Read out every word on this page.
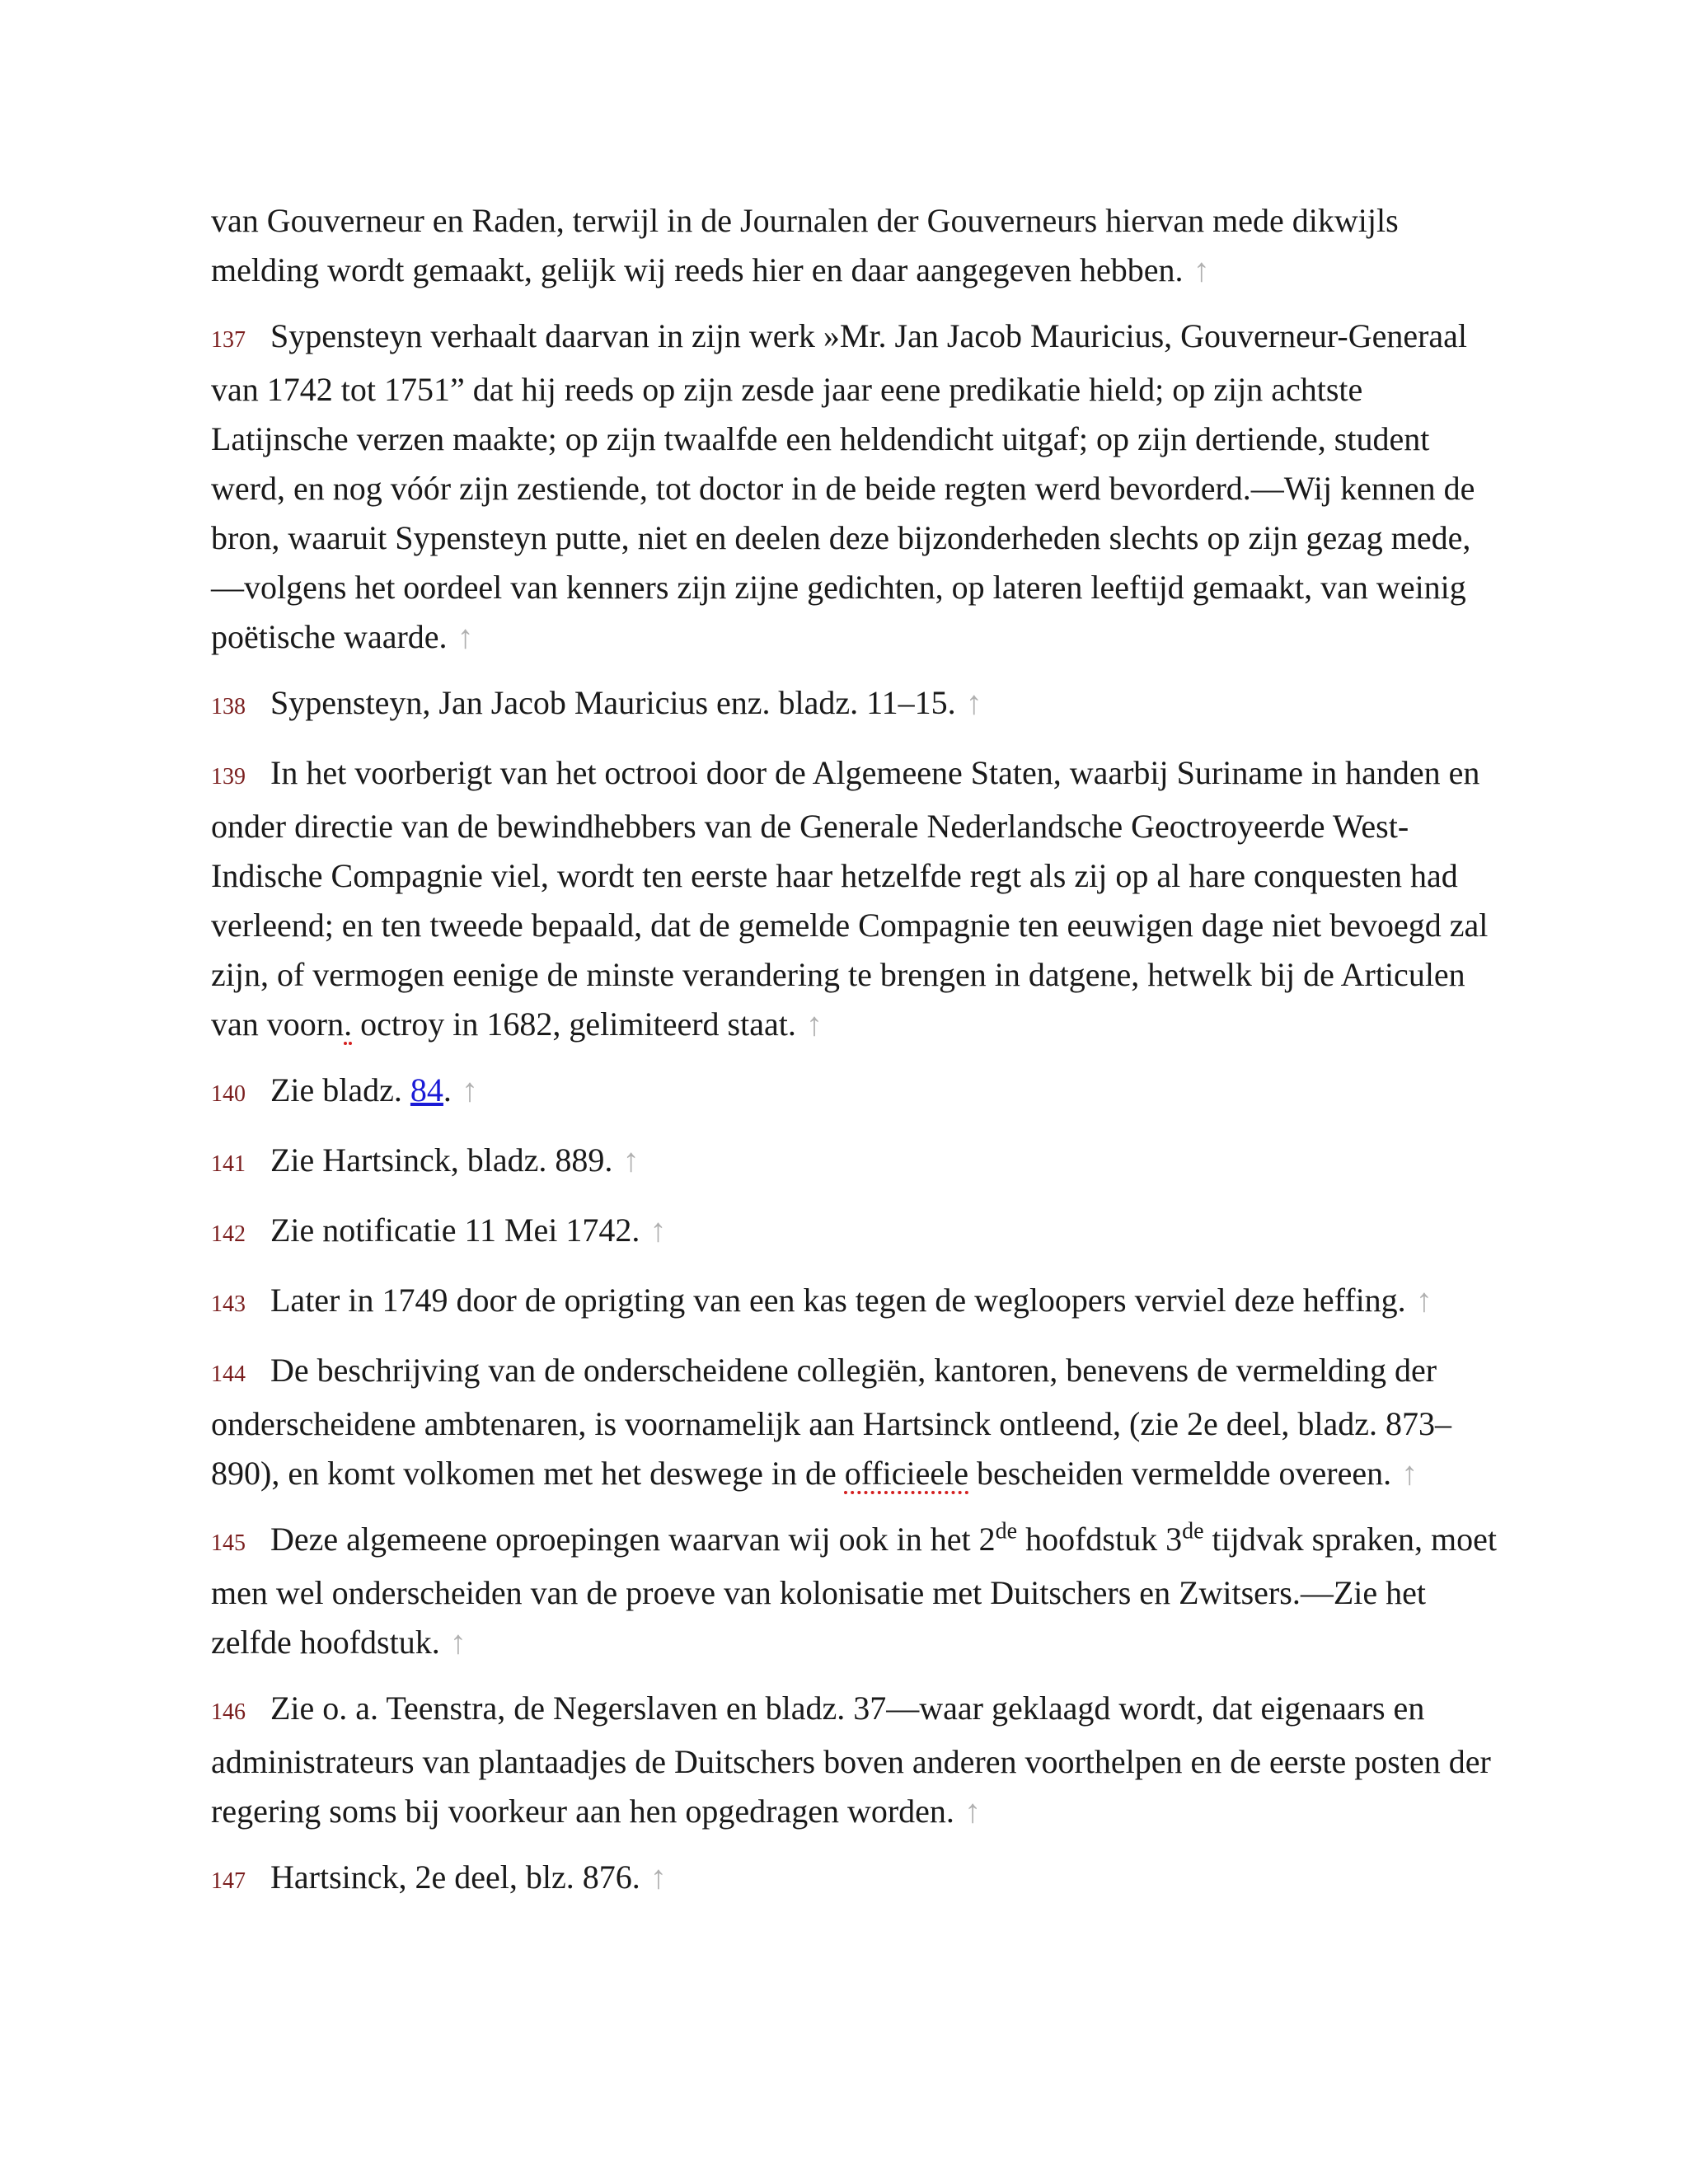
van Gouverneur en Raden, terwijl in de Journalen der Gouverneurs hiervan mede dikwijls melding wordt gemaakt, gelijk wij reeds hier en daar aangegeven hebben. ↑

137 Sypensteyn verhaalt daarvan in zijn werk »Mr. Jan Jacob Mauricius, Gouverneur-Generaal van 1742 tot 1751” dat hij reeds op zijn zesde jaar eene predikatie hield; op zijn achtste Latijnsche verzen maakte; op zijn twaalfde een heldendicht uitgaf; op zijn dertiende, student werd, en nog vóór zijn zestiende, tot doctor in de beide regten werd bevorderd.—Wij kennen de bron, waaruit Sypensteyn putte, niet en deelen deze bijzonderheden slechts op zijn gezag mede,—volgens het oordeel van kenners zijn zijne gedichten, op lateren leeftijd gemaakt, van weinig poëtische waarde. ↑

138 Sypensteyn, Jan Jacob Mauricius enz. bladz. 11–15. ↑

139 In het voorberigt van het octrooi door de Algemeene Staten, waarbij Suriname in handen en onder directie van de bewindhebbers van de Generale Nederlandsche Geoctroyeerde West-Indische Compagnie viel, wordt ten eerste haar hetzelfde regt als zij op al hare conquesten had verleend; en ten tweede bepaald, dat de gemelde Compagnie ten eeuwigen dage niet bevoegd zal zijn, of vermogen eenige de minste verandering te brengen in datgene, hetwelk bij de Articulen van voorn. octroy in 1682, gelimiteerd staat. ↑

140 Zie bladz. 84. ↑

141 Zie Hartsinck, bladz. 889. ↑

142 Zie notificatie 11 Mei 1742. ↑

143 Later in 1749 door de oprigting van een kas tegen de wegloopers verviel deze heffing. ↑

144 De beschrijving van de onderscheidene collegiën, kantoren, benevens de vermelding der onderscheidene ambtenaren, is voornamelijk aan Hartsinck ontleend, (zie 2e deel, bladz. 873–890), en komt volkomen met het deswege in de officieele bescheiden vermeldde overeen. ↑

145 Deze algemeene oproepingen waarvan wij ook in het 2de hoofdstuk 3de tijdvak spraken, moet men wel onderscheiden van de proeve van kolonisatie met Duitschers en Zwitsers.—Zie het zelfde hoofdstuk. ↑

146 Zie o. a. Teenstra, de Negerslaven en bladz. 37—waar geklaagd wordt, dat eigenaars en administrateurs van plantaadjes de Duitschers boven anderen voorthelpen en de eerste posten der regering soms bij voorkeur aan hen opgedragen worden. ↑

147 Hartsinck, 2e deel, blz. 876. ↑
